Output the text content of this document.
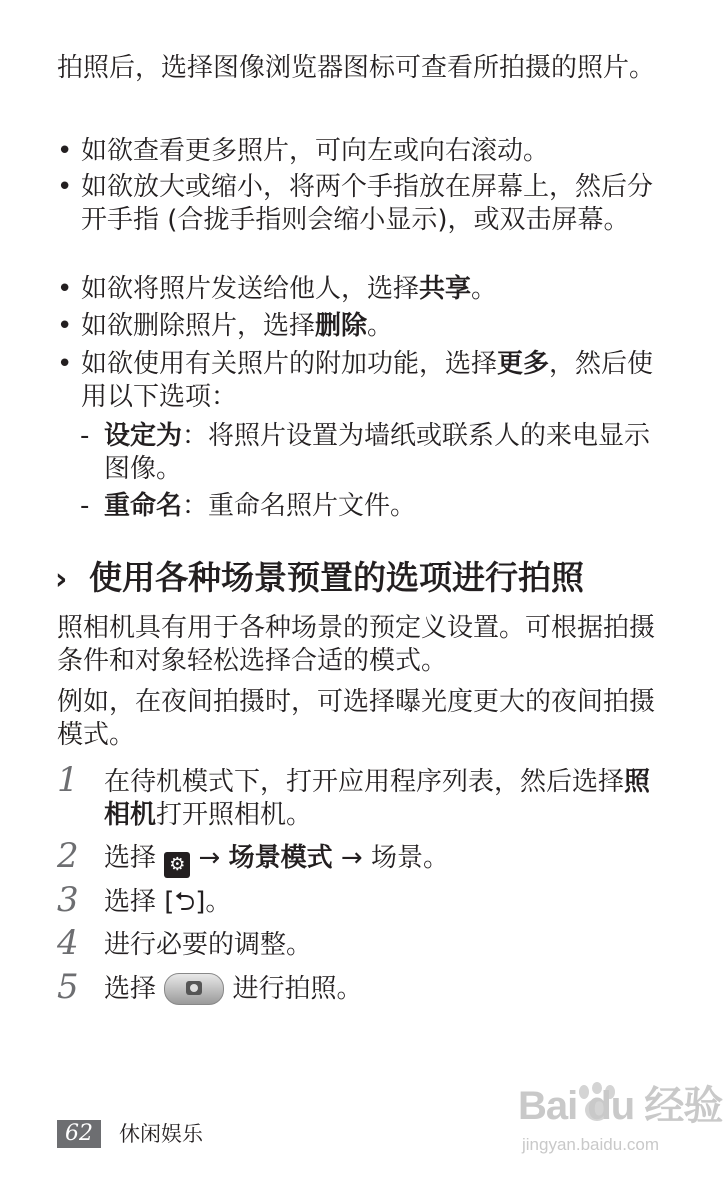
拍照后，选择图像浏览器图标可查看所拍摄的照片。

• 如欲查看更多照片，可向左或向右滚动。
• 如欲放大或缩小，将两个手指放在屏幕上，然后分开手指 (合拢手指则会缩小显示)，或双击屏幕。
• 如欲将照片发送给他人，选择共享。
• 如欲删除照片，选择删除。
• 如欲使用有关照片的附加功能，选择更多，然后使用以下选项：
- 设定为：将照片设置为墙纸或联系人的来电显示图像。
- 重命名：重命名照片文件。
› 使用各种场景预置的选项进行拍照

照相机具有用于各种场景的预定义设置。可根据拍摄条件和对象轻松选择合适的模式。

例如，在夜间拍摄时，可选择曝光度更大的夜间拍摄模式。

1 在待机模式下，打开应用程序列表，然后选择照相机打开照相机。
2 选择 ⚙ → 场景模式 → 场景。
3 选择 [⮌]。
4 进行必要的调整。
5 选择	进行拍照。
62	休闲娱乐
Bai du 经验
jingyan.baidu.com
